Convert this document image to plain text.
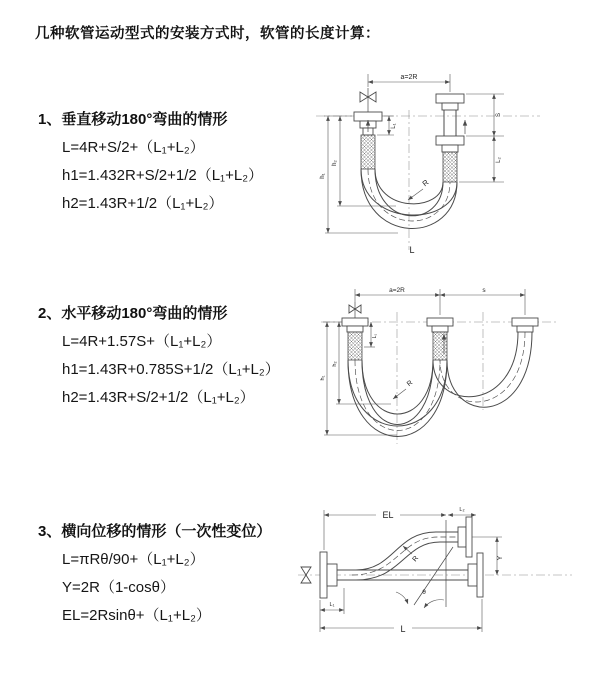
几种软管运动型式的安装方式时，软管的长度计算：
1、垂直移动180°弯曲的情形

L=4R+S/2+（L₁+L₂）

h1=1.432R+S/2+1/2（L₁+L₂）

h2=1.43R+1/2（L₁+L₂）

a=2R
h₁
h₂
L₁
S
L₂
R
L
2、水平移动180°弯曲的情形

L=4R+1.57S+（L₁+L₂）

h1=1.43R+0.785S+1/2（L₁+L₂）

h2=1.43R+S/2+1/2（L₁+L₂）

a=2R	s
h₁
h₂
L₁
R
3、横向位移的情形（一次性变位）

L=πRθ/90+（L₁+L₂）

Y=2R（1-cosθ）

EL=2Rsinθ+（L₁+L₂）

θ
EL	L₂
Y
L
L₁
R
